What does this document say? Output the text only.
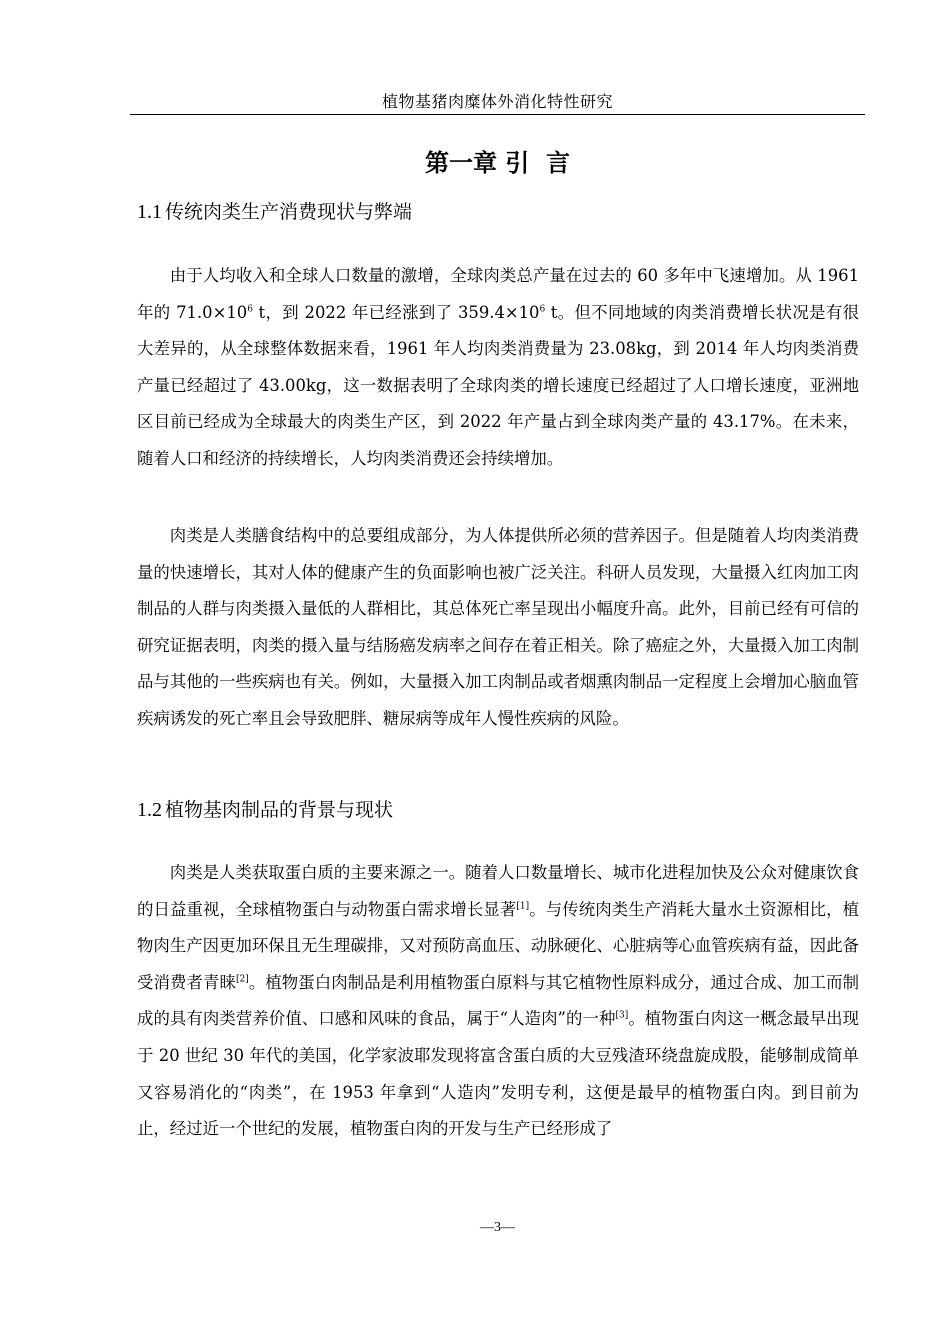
植物基猪肉糜体外消化特性研究
第一章 引  言
1.1 传统肉类生产消费现状与弊端

由于人均收入和全球人口数量的激增，全球肉类总产量在过去的 60 多年中飞速增加。从 1961 年的 $71.0\times 10^6$ t，到 2022 年已经涨到了 $359.4\times 10^6$ t。但不同地域的肉类消费增长状况是有很大差异的，从全球整体数据来看，1961 年人均肉类消费量为 23.08kg，到 2014 年人均肉类消费产量已经超过了 43.00kg，这一数据表明了全球肉类的增长速度已经超过了人口增长速度，亚洲地区目前已经成为全球最大的肉类生产区，到 2022 年产量占到全球肉类产量的 43.17%。在未来，随着人口和经济的持续增长，人均肉类消费还会持续增加。

肉类是人类膳食结构中的总要组成部分，为人体提供所必须的营养因子。但是随着人均肉类消费量的快速增长，其对人体的健康产生的负面影响也被广泛关注。科研人员发现，大量摄入红肉加工肉制品的人群与肉类摄入量低的人群相比，其总体死亡率呈现出小幅度升高。此外，目前已经有可信的研究证据表明，肉类的摄入量与结肠癌发病率之间存在着正相关。除了癌症之外，大量摄入加工肉制品与其他的一些疾病也有关。例如，大量摄入加工肉制品或者烟熏肉制品一定程度上会增加心脑血管疾病诱发的死亡率且会导致肥胖、糖尿病等成年人慢性疾病的风险。

1.2 植物基肉制品的背景与现状

肉类是人类获取蛋白质的主要来源之一。随着人口数量增长、城市化进程加快及公众对健康饮食的日益重视，全球植物蛋白与动物蛋白需求增长显著[1]。与传统肉类生产消耗大量水土资源相比，植物肉生产因更加环保且无生理碳排，又对预防高血压、动脉硬化、心脏病等心血管疾病有益，因此备受消费者青睐[2]。植物蛋白肉制品是利用植物蛋白原料与其它植物性原料成分，通过合成、加工而制成的具有肉类营养价值、口感和风味的食品，属于“人造肉”的一种[3]。植物蛋白肉这一概念最早出现于 20 世纪 30 年代的美国，化学家波耶发现将富含蛋白质的大豆残渣环绕盘旋成股，能够制成简单又容易消化的“肉类”，在 1953 年拿到“人造肉”发明专利，这便是最早的植物蛋白肉。到目前为止，经过近一个世纪的发展，植物蛋白肉的开发与生产已经形成了

—3—
